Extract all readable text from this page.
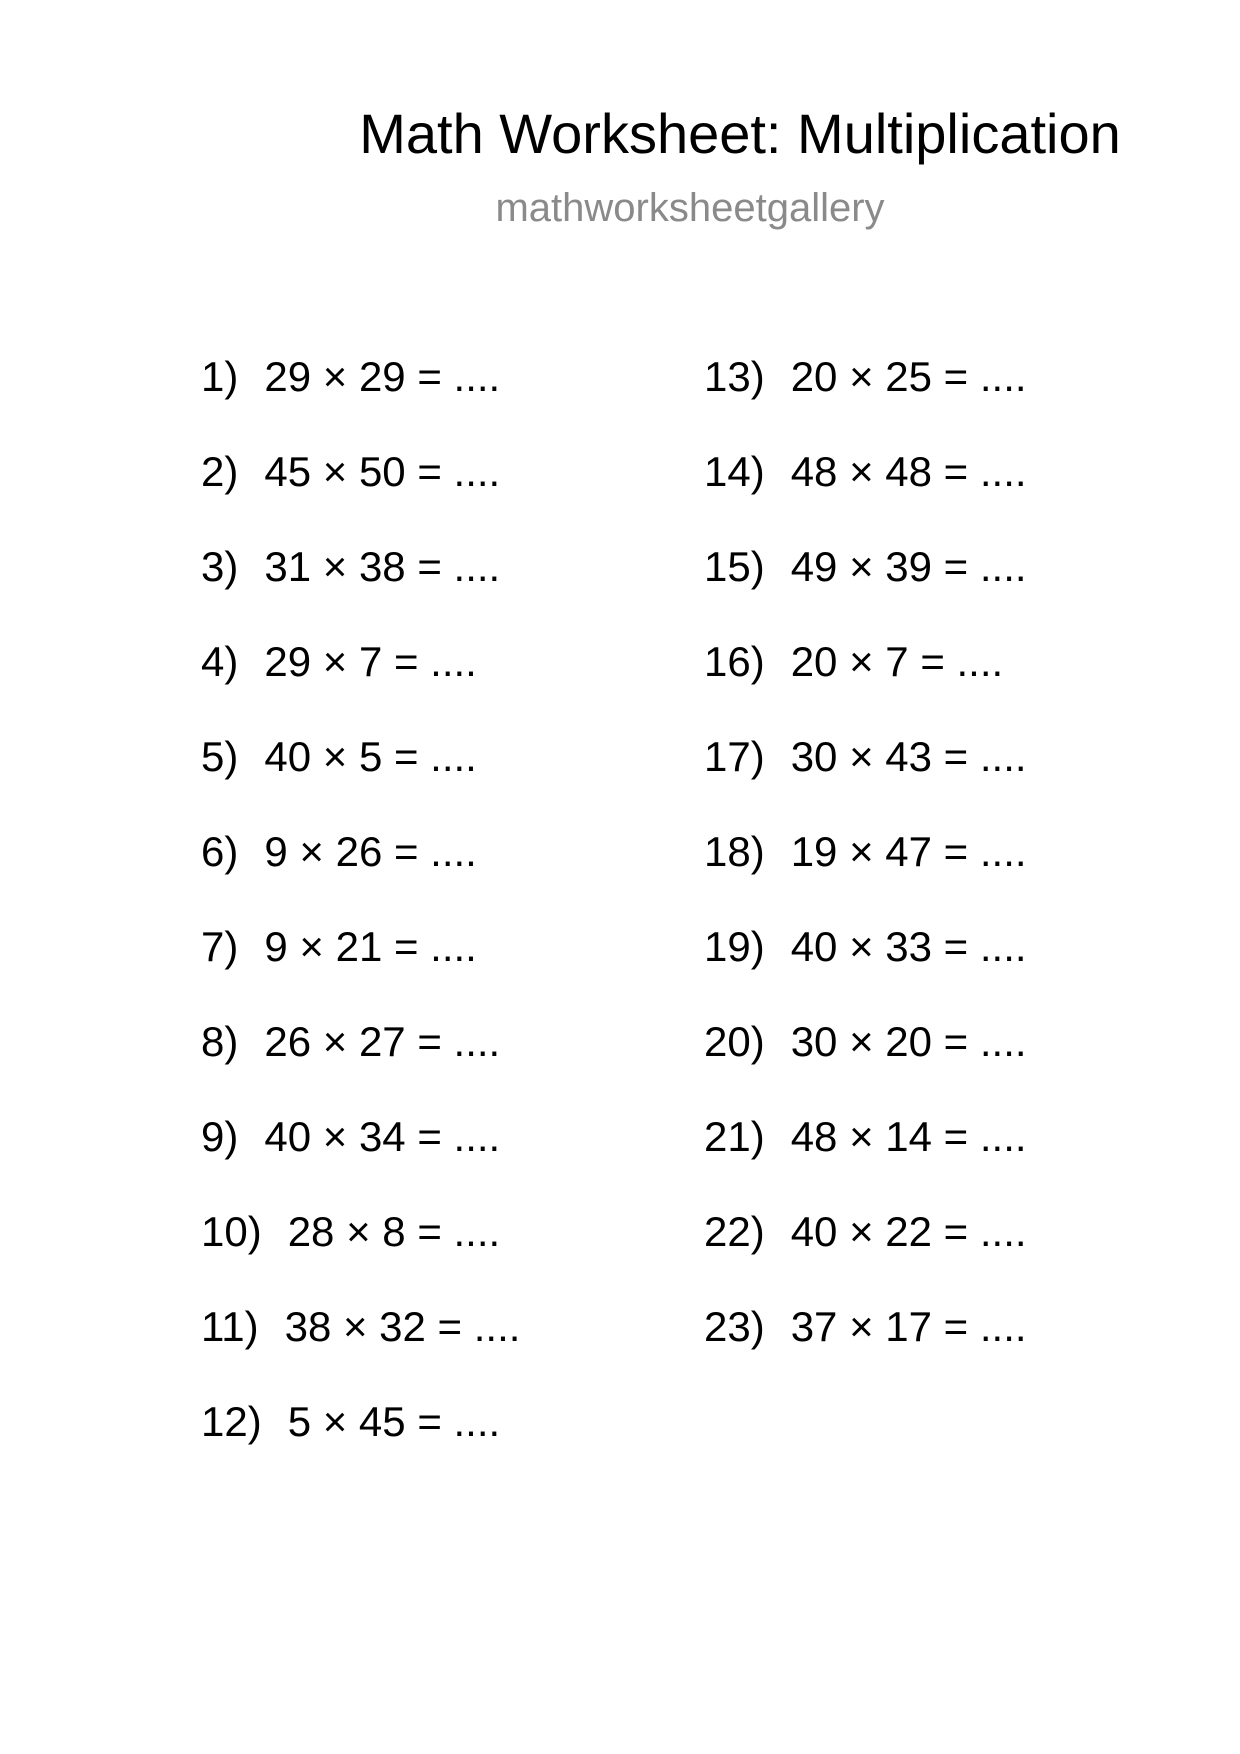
Math Worksheet: Multiplication
mathworksheetgallery
1) 29 × 29 = ....
2) 45 × 50 = ....
3) 31 × 38 = ....
4) 29 × 7 = ....
5) 40 × 5 = ....
6) 9 × 26 = ....
7) 9 × 21 = ....
8) 26 × 27 = ....
9) 40 × 34 = ....
10) 28 × 8 = ....
11) 38 × 32 = ....
12) 5 × 45 = ....
13) 20 × 25 = ....
14) 48 × 48 = ....
15) 49 × 39 = ....
16) 20 × 7 = ....
17) 30 × 43 = ....
18) 19 × 47 = ....
19) 40 × 33 = ....
20) 30 × 20 = ....
21) 48 × 14 = ....
22) 40 × 22 = ....
23) 37 × 17 = ....
